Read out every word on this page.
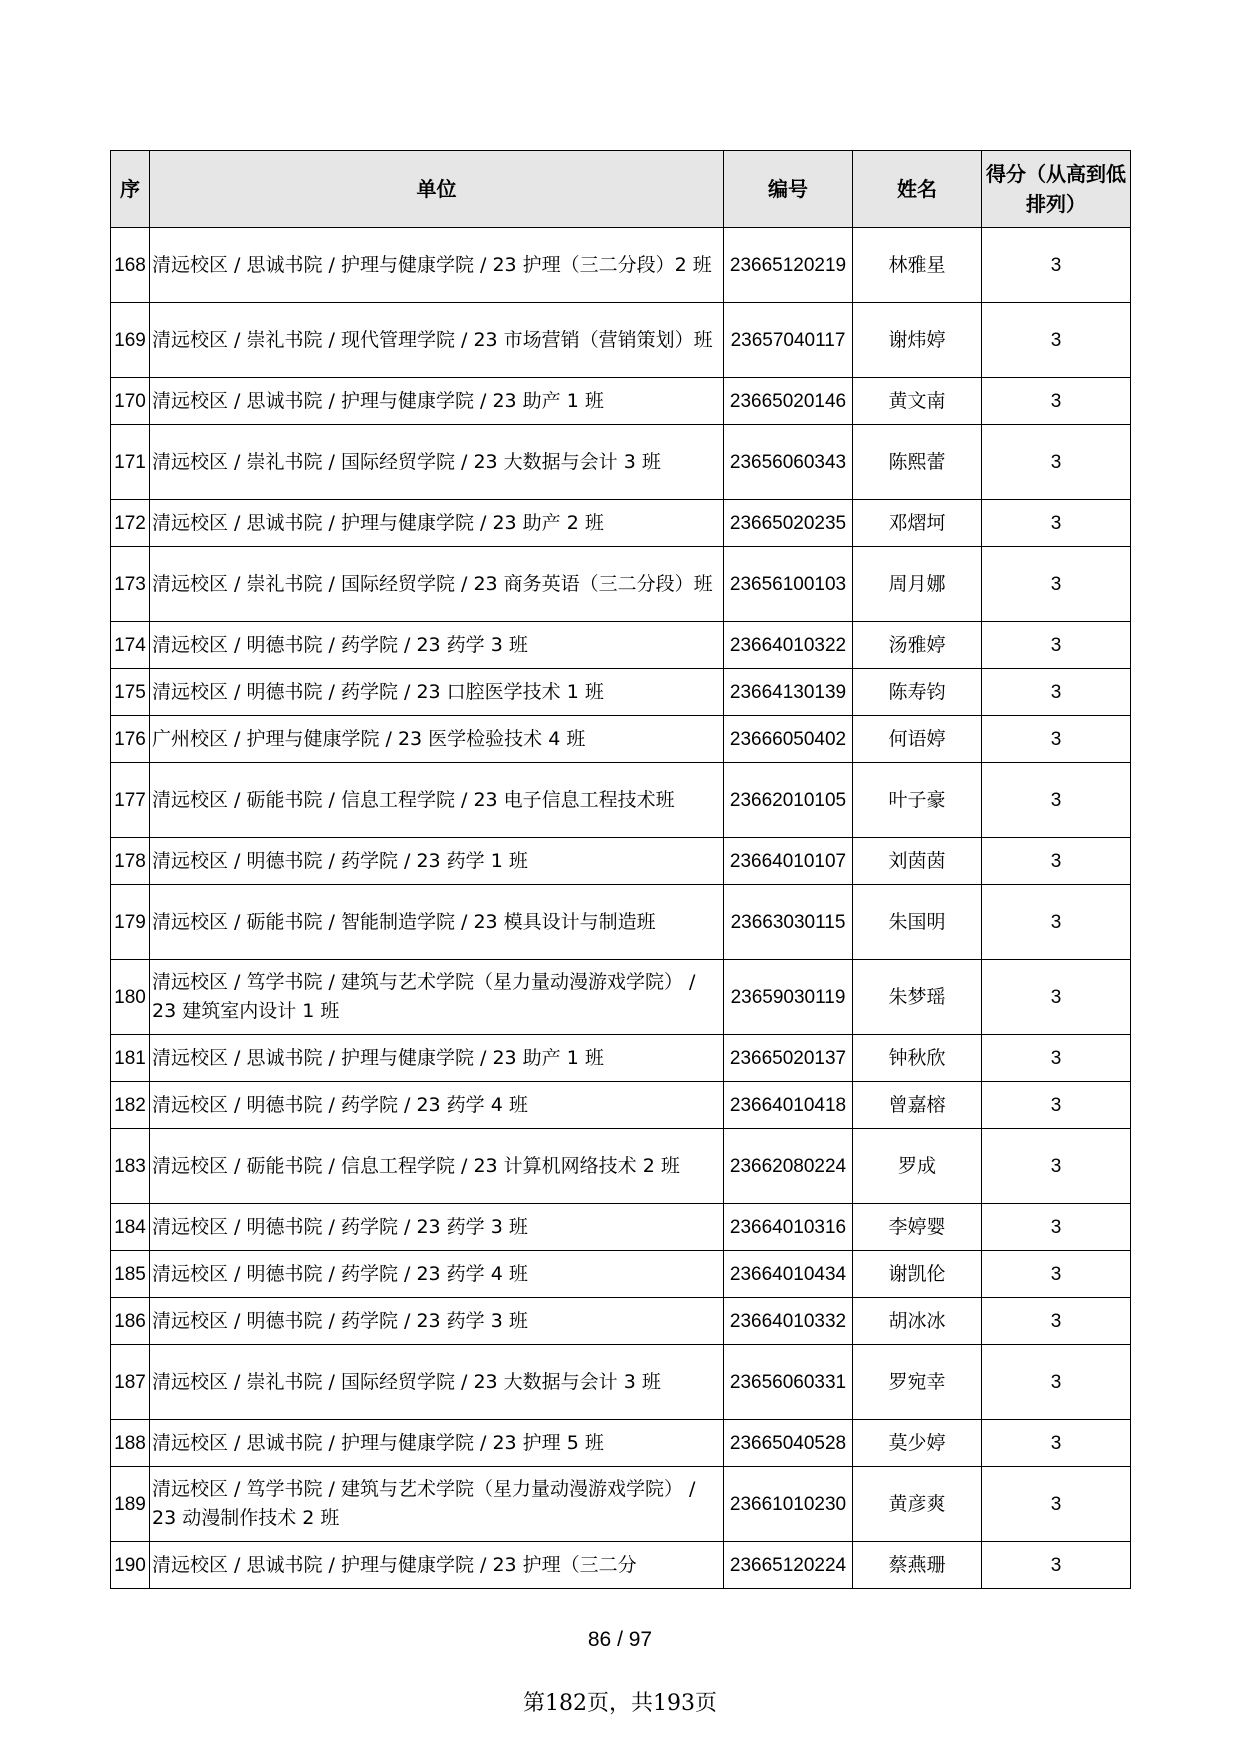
序	单位	编号	姓名	得分（从高到低排列）
168	清远校区 / 思诚书院 / 护理与健康学院 / 23 护理（三二分段）2 班	23665120219	林雅星	3
169	清远校区 / 崇礼书院 / 现代管理学院 / 23 市场营销（营销策划）班	23657040117	谢炜婷	3
170	清远校区 / 思诚书院 / 护理与健康学院 / 23 助产 1 班	23665020146	黄文南	3
171	清远校区 / 崇礼书院 / 国际经贸学院 / 23 大数据与会计 3 班	23656060343	陈熙蕾	3
172	清远校区 / 思诚书院 / 护理与健康学院 / 23 助产 2 班	23665020235	邓熠坷	3
173	清远校区 / 崇礼书院 / 国际经贸学院 / 23 商务英语（三二分段）班	23656100103	周月娜	3
174	清远校区 / 明德书院 / 药学院 / 23 药学 3 班	23664010322	汤雅婷	3
175	清远校区 / 明德书院 / 药学院 / 23 口腔医学技术 1 班	23664130139	陈寿钧	3
176	广州校区 / 护理与健康学院 / 23 医学检验技术 4 班	23666050402	何语婷	3
177	清远校区 / 砺能书院 / 信息工程学院 / 23 电子信息工程技术班	23662010105	叶子豪	3
178	清远校区 / 明德书院 / 药学院 / 23 药学 1 班	23664010107	刘茵茵	3
179	清远校区 / 砺能书院 / 智能制造学院 / 23 模具设计与制造班	23663030115	朱国明	3
180	清远校区 / 笃学书院 / 建筑与艺术学院（星力量动漫游戏学院） / 23 建筑室内设计 1 班	23659030119	朱梦瑶	3
181	清远校区 / 思诚书院 / 护理与健康学院 / 23 助产 1 班	23665020137	钟秋欣	3
182	清远校区 / 明德书院 / 药学院 / 23 药学 4 班	23664010418	曾嘉榕	3
183	清远校区 / 砺能书院 / 信息工程学院 / 23 计算机网络技术 2 班	23662080224	罗成	3
184	清远校区 / 明德书院 / 药学院 / 23 药学 3 班	23664010316	李婷婴	3
185	清远校区 / 明德书院 / 药学院 / 23 药学 4 班	23664010434	谢凯伦	3
186	清远校区 / 明德书院 / 药学院 / 23 药学 3 班	23664010332	胡冰冰	3
187	清远校区 / 崇礼书院 / 国际经贸学院 / 23 大数据与会计 3 班	23656060331	罗宛幸	3
188	清远校区 / 思诚书院 / 护理与健康学院 / 23 护理 5 班	23665040528	莫少婷	3
189	清远校区 / 笃学书院 / 建筑与艺术学院（星力量动漫游戏学院） / 23 动漫制作技术 2 班	23661010230	黄彦爽	3
190	清远校区 / 思诚书院 / 护理与健康学院 / 23 护理（三二分	23665120224	蔡燕珊	3
86 / 97
第182页，共193页
